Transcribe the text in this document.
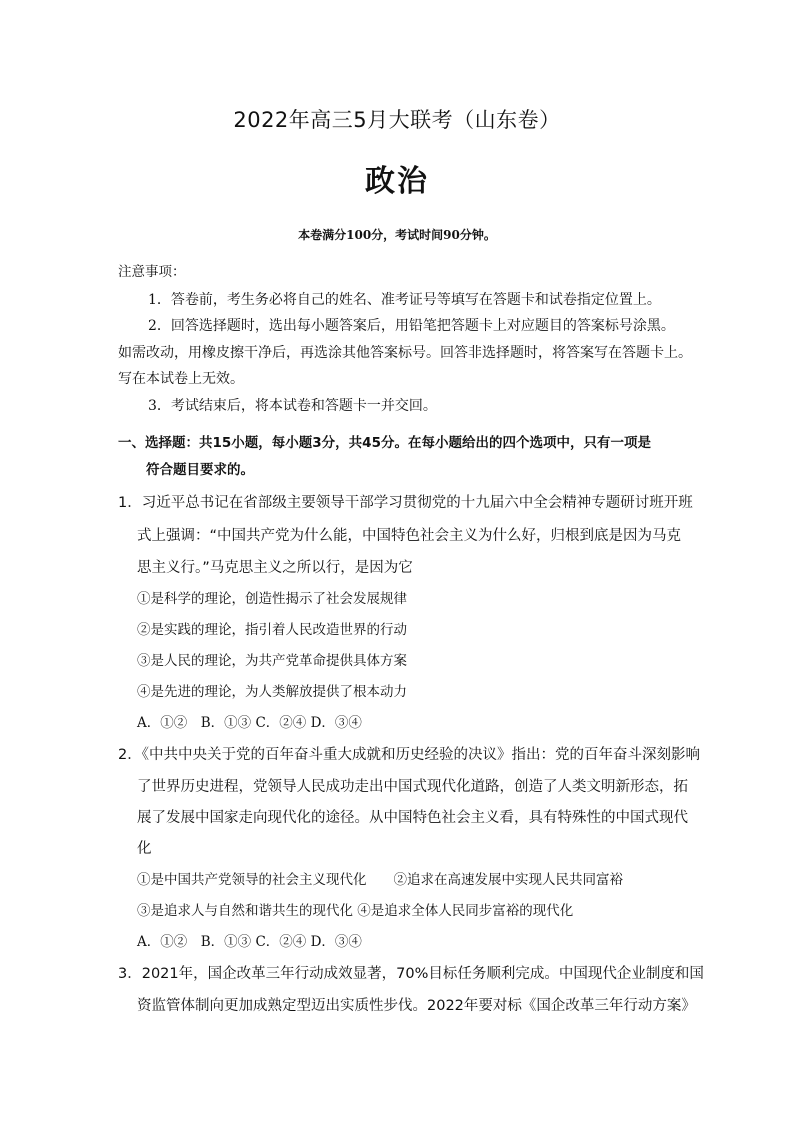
2022年高三5月大联考（山东卷）
政治
本卷满分100分，考试时间90分钟。
注意事项：
1．答卷前，考生务必将自己的姓名、准考证号等填写在答题卡和试卷指定位置上。
2．回答选择题时，选出每小题答案后，用铅笔把答题卡上对应题目的答案标号涂黑。
如需改动，用橡皮擦干净后，再选涂其他答案标号。回答非选择题时，将答案写在答题卡上。
写在本试卷上无效。
3．考试结束后，将本试卷和答题卡一并交回。
一、选择题：共15小题，每小题3分，共45分。在每小题给出的四个选项中，只有一项是
符合题目要求的。
1．习近平总书记在省部级主要领导干部学习贯彻党的十九届六中全会精神专题研讨班开班
式上强调：“中国共产党为什么能，中国特色社会主义为什么好，归根到底是因为马克
思主义行。”马克思主义之所以行，是因为它
①是科学的理论，创造性揭示了社会发展规律
②是实践的理论，指引着人民改造世界的行动
③是人民的理论，为共产党革命提供具体方案
④是先进的理论，为人类解放提供了根本动力
A．①②　B．①③ C．②④ D．③④
2．《中共中央关于党的百年奋斗重大成就和历史经验的决议》指出：党的百年奋斗深刻影响
了世界历史进程，党领导人民成功走出中国式现代化道路，创造了人类文明新形态，拓
展了发展中国家走向现代化的途径。从中国特色社会主义看，具有特殊性的中国式现代
化
①是中国共产党领导的社会主义现代化　　②追求在高速发展中实现人民共同富裕
③是追求人与自然和谐共生的现代化 ④是追求全体人民同步富裕的现代化
A．①②　B．①③ C．②④ D．③④
3．2021年，国企改革三年行动成效显著，70%目标任务顺利完成。中国现代企业制度和国
资监管体制向更加成熟定型迈出实质性步伐。2022年要对标《国企改革三年行动方案》
